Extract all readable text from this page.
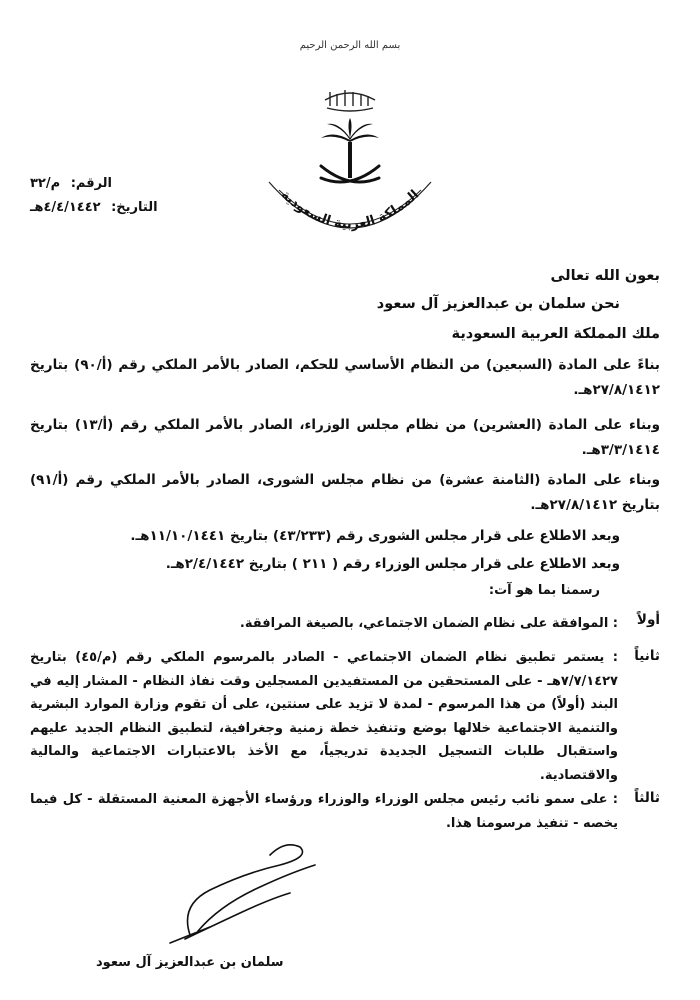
بسم الله الرحمن الرحيم
المملكة العربية السعودية
الرقم: م/٣٢
التاريخ: ٤/٤/١٤٤٢هـ
بعون الله تعالى
نحن سلمان بن عبدالعزيز آل سعود
ملك المملكة العربية السعودية
بناءً على المادة (السبعين) من النظام الأساسي للحكم، الصادر بالأمر الملكي رقم (أ/٩٠) بتاريخ ٢٧/٨/١٤١٢هـ.
وبناء على المادة (العشرين) من نظام مجلس الوزراء، الصادر بالأمر الملكي رقم (أ/١٣) بتاريخ ٣/٣/١٤١٤هـ.
وبناء على المادة (الثامنة عشرة) من نظام مجلس الشورى، الصادر بالأمر الملكي رقم (أ/٩١) بتاريخ ٢٧/٨/١٤١٢هـ.
وبعد الاطلاع على قرار مجلس الشورى رقم (٤٣/٢٣٣) بتاريخ ١١/١٠/١٤٤١هـ.
وبعد الاطلاع على قرار مجلس الوزراء رقم ( ٢١١ ) بتاريخ ٢/٤/١٤٤٢هـ.
رسمنا بما هو آت:
أولاً
: الموافقة على نظام الضمان الاجتماعي، بالصيغة المرافقة.
ثانياً
: يستمر تطبيق نظام الضمان الاجتماعي - الصادر بالمرسوم الملكي رقم (م/٤٥) بتاريخ ٧/٧/١٤٢٧هـ - على المستحقين من المستفيدين المسجلين وقت نفاذ النظام - المشار إليه في البند (أولاً) من هذا المرسوم - لمدة لا تزيد على سنتين، على أن تقوم وزارة الموارد البشرية والتنمية الاجتماعية خلالها بوضع وتنفيذ خطة زمنية وجغرافية، لتطبيق النظام الجديد عليهم واستقبال طلبات التسجيل الجديدة تدريجياً، مع الأخذ بالاعتبارات الاجتماعية والمالية والاقتصادية.
ثالثاً
: على سمو نائب رئيس مجلس الوزراء والوزراء ورؤساء الأجهزة المعنية المستقلة - كل فيما يخصه - تنفيذ مرسومنا هذا.
سلمان بن عبدالعزيز آل سعود
